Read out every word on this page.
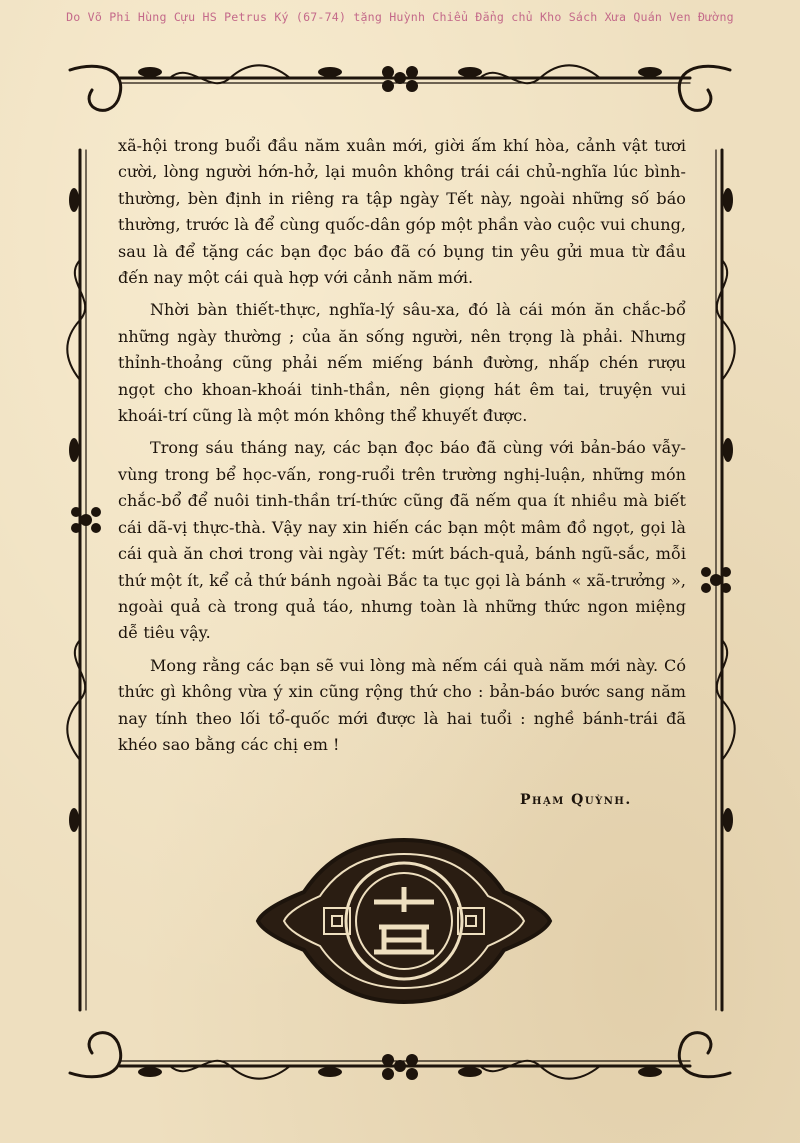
Do Võ Phi Hùng Cựu HS Petrus Ký (67-74) tặng Huỳnh Chiểu Đẳng chủ Kho Sách Xưa Quán Ven Đường

xã-hội trong buổi đầu năm xuân mới, giời ấm khí hòa, cảnh vật tươi cười, lòng người hớn-hở, lại muôn không trái cái chủ-nghĩa lúc bình-thường, bèn định in riêng ra tập ngày Tết này, ngoài những số báo thường, trước là để cùng quốc-dân góp một phần vào cuộc vui chung, sau là để tặng các bạn đọc báo đã có bụng tin yêu gửi mua từ đầu đến nay một cái quà hợp với cảnh năm mới.

Nhời bàn thiết-thực, nghĩa-lý sâu-xa, đó là cái món ăn chắc-bổ những ngày thường ; của ăn sống người, nên trọng là phải. Nhưng thỉnh-thoảng cũng phải nếm miếng bánh đường, nhấp chén rượu ngọt cho khoan-khoái tinh-thần, nên giọng hát êm tai, truyện vui khoái-trí cũng là một món không thể khuyết được.

Trong sáu tháng nay, các bạn đọc báo đã cùng với bản-báo vẫy-vùng trong bể học-vấn, rong-ruổi trên trường nghị-luận, những món chắc-bổ để nuôi tinh-thần trí-thức cũng đã nếm qua ít nhiều mà biết cái dã-vị thực-thà. Vậy nay xin hiến các bạn một mâm đồ ngọt, gọi là cái quà ăn chơi trong vài ngày Tết: mứt bách-quả, bánh ngũ-sắc, mỗi thứ một ít, kể cả thứ bánh ngoài Bắc ta tục gọi là bánh « xã-trưởng », ngoài quả cà trong quả táo, nhưng toàn là những thức ngon miệng dễ tiêu vậy.

Mong rằng các bạn sẽ vui lòng mà nếm cái quà năm mới này. Có thức gì không vừa ý xin cũng rộng thứ cho : bản-báo bước sang năm nay tính theo lối tổ-quốc mới được là hai tuổi : nghề bánh-trái đã khéo sao bằng các chị em !

Phạm Quỳnh.
